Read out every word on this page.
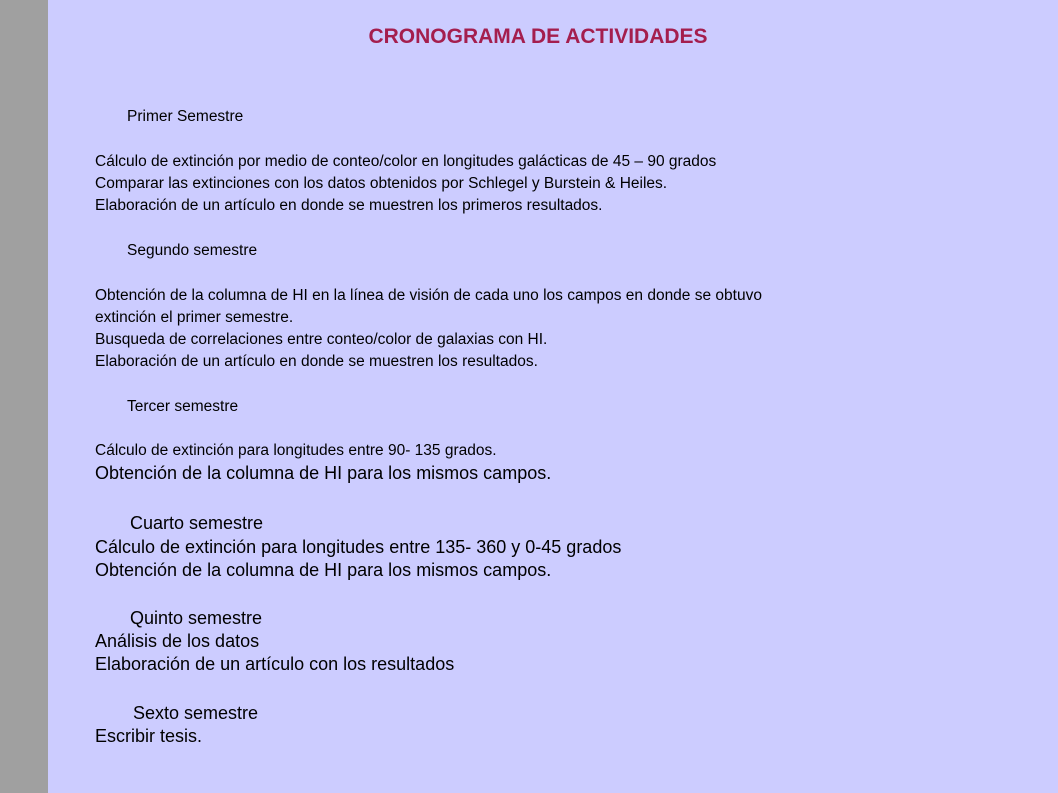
CRONOGRAMA DE ACTIVIDADES
Primer Semestre
Cálculo de extinción por medio de conteo/color en longitudes galácticas de 45 – 90 grados
Comparar las extinciones con los datos obtenidos por Schlegel y Burstein & Heiles.
Elaboración de un artículo en donde se muestren los primeros resultados.
Segundo semestre
Obtención de la columna de HI en la línea de visión de cada uno los campos en donde se obtuvo
extinción el primer semestre.
Busqueda de correlaciones entre conteo/color de galaxias con HI.
Elaboración de un artículo en donde se muestren los resultados.
Tercer semestre
Cálculo de extinción para longitudes entre 90- 135 grados.
Obtención de la columna de HI para los mismos campos.
Cuarto semestre
Cálculo de extinción para longitudes entre 135- 360 y 0-45 grados
Obtención de la columna de HI para los mismos campos.
Quinto semestre
Análisis de los datos
Elaboración de un artículo con los resultados
Sexto semestre
Escribir tesis.
